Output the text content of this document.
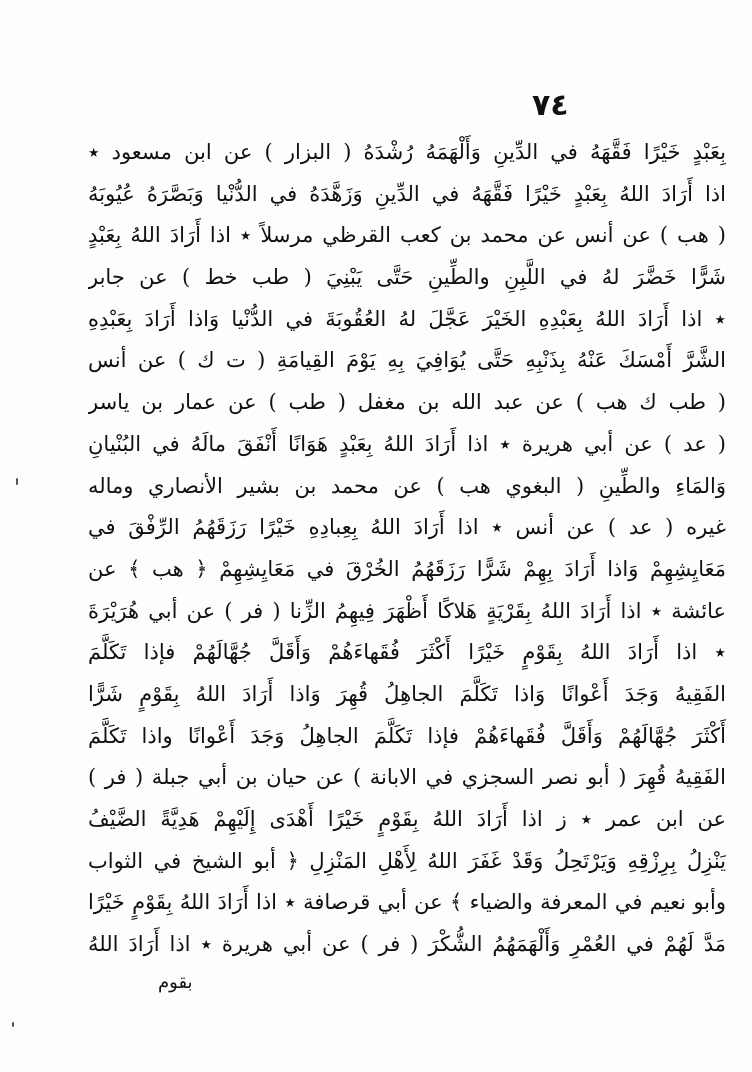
٧٤
بِعَبْدٍ خَيْرًا فَقَّهَهُ في الدِّينِ وَأَلْهَمَهُ رُشْدَهُ ( البزار ) عن ابن مسعود ٭
اذا أَرَادَ اللهُ بِعَبْدٍ خَيْرًا فَقَّهَهُ في الدِّينِ وَزَهَّدَهُ في الدُّنْيا وَبَصَّرَهُ عُيُوبَهُ
( هب ) عن أنس عن محمد بن كعب القرظي مرسلاً ٭ اذا أَرَادَ اللهُ بِعَبْدٍ
شَرًّا خَضَّرَ لهُ في اللَّبِنِ والطِّينِ حَتَّى يَبْنِيَ ( طب خط ) عن جابر
٭ اذا أَرَادَ اللهُ بِعَبْدِهِ الخَيْرَ عَجَّلَ لهُ العُقُوبَةَ في الدُّنْيا وَاذا أَرَادَ بِعَبْدِهِ
الشَّرَّ أَمْسَكَ عَنْهُ بِذَنْبِهِ حَتَّى يُوَافِيَ بِهِ يَوْمَ القِيامَةِ ( ت ك ) عن أنس
( طب ك هب ) عن عبد الله بن مغفل ( طب ) عن عمار بن ياسر
( عد ) عن أبي هريرة ٭ اذا أَرَادَ اللهُ بِعَبْدٍ هَوَانًا أَنْفَقَ مالَهُ في البُنْيانِ
وَالمَاءِ والطِّينِ ( البغوي هب ) عن محمد بن بشير الأنصاري وماله
غيره ( عد ) عن أنس ٭ اذا أَرَادَ اللهُ بِعِبادِهِ خَيْرًا رَزَقَهُمُ الرِّفْقَ في
مَعَايِشِهِمْ وَاذا أَرَادَ بِهِمْ شَرًّا رَزَقَهُمُ الخُرْقَ في مَعَايِشِهِمْ ﴿ هب ﴾ عن
عائشة ٭ اذا أَرَادَ اللهُ بِقَرْيَةٍ هَلاكًا أَظْهَرَ فِيهِمُ الزِّنا ( فر ) عن أبي هُرَيْرَةَ
٭ اذا أَرَادَ اللهُ بِقَوْمٍ خَيْرًا أَكْثَرَ فُقَهاءَهُمْ وَأَقَلَّ جُهَّالَهُمْ فإذا تَكَلَّمَ
الفَقِيهُ وَجَدَ أَعْوانًا وَاذا تَكَلَّمَ الجاهِلُ قُهِرَ وَاذا أَرَادَ اللهُ بِقَوْمٍ شَرًّا
أَكْثَرَ جُهَّالَهُمْ وَأَقَلَّ فُقَهاءَهُمْ فإذا تَكَلَّمَ الجاهِلُ وَجَدَ أَعْوانًا واذا تَكَلَّمَ
الفَقِيهُ قُهِرَ ( أبو نصر السجزي في الابانة ) عن حيان بن أبي جبلة ( فر )
عن ابن عمر ٭ ز اذا أَرَادَ اللهُ بِقَوْمٍ خَيْرًا أَهْدَى إِلَيْهِمْ هَدِيَّةً الضَّيْفُ
يَنْزِلُ بِرِزْقِهِ وَيَرْتَحِلُ وَقَدْ غَفَرَ اللهُ لِأَهْلِ المَنْزِلِ ﴿ أبو الشيخ في الثواب
وأبو نعيم في المعرفة والضياء ﴾ عن أبي قرصافة ٭ اذا أَرَادَ اللهُ بِقَوْمٍ خَيْرًا
مَدَّ لَهُمْ في العُمْرِ وَأَلْهَمَهُمُ الشُّكْرَ ( فر ) عن أبي هريرة ٭ اذا أَرَادَ اللهُ
بقوم
